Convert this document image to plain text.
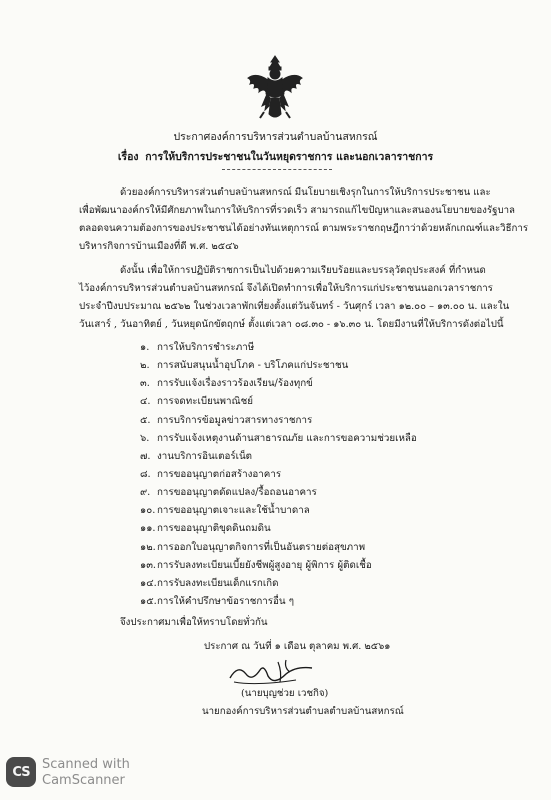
ประกาศองค์การบริหารส่วนตำบลบ้านสหกรณ์
เรื่อง การให้บริการประชาชนในวันหยุดราชการ และนอกเวลาราชการ
ด้วยองค์การบริหารส่วนตำบลบ้านสหกรณ์ มีนโยบายเชิงรุกในการให้บริการประชาชน และ
เพื่อพัฒนาองค์กรให้มีศักยภาพในการให้บริการที่รวดเร็ว สามารถแก้ไขปัญหาและสนองนโยบายของรัฐบาล
ตลอดจนความต้องการของประชาชนได้อย่างทันเหตุการณ์ ตามพระราชกฤษฎีกาว่าด้วยหลักเกณฑ์และวิธีการ
บริหารกิจการบ้านเมืองที่ดี พ.ศ. ๒๕๔๖
ดังนั้น เพื่อให้การปฏิบัติราชการเป็นไปด้วยความเรียบร้อยและบรรลุวัตถุประสงค์ ที่กำหนด
ไว้องค์การบริหารส่วนตำบลบ้านสหกรณ์ จึงได้เปิดทำการเพื่อให้บริการแก่ประชาชนนอกเวลาราชการ
ประจำปีงบประมาณ ๒๕๖๒ ในช่วงเวลาพักเที่ยงตั้งแต่วันจันทร์ - วันศุกร์ เวลา ๑๒.๐๐ – ๑๓.๐๐ น. และใน
วันเสาร์ , วันอาทิตย์ , วันหยุดนักขัตฤกษ์ ตั้งแต่เวลา ๐๘.๓๐ - ๑๖.๓๐ น. โดยมีงานที่ให้บริการดังต่อไปนี้
๑. การให้บริการชำระภาษี
๒. การสนับสนุนน้ำอุปโภค - บริโภคแก่ประชาชน
๓. การรับแจ้งเรื่องราวร้องเรียน/ร้องทุกข์
๔. การจดทะเบียนพาณิชย์
๕. การบริการข้อมูลข่าวสารทางราชการ
๖. การรับแจ้งเหตุงานด้านสาธารณภัย และการขอความช่วยเหลือ
๗. งานบริการอินเตอร์เน็ต
๘. การขออนุญาตก่อสร้างอาคาร
๙. การขออนุญาตดัดแปลง/รื้อถอนอาคาร
๑๐. การขออนุญาตเจาะและใช้น้ำบาดาล
๑๑.การขออนุญาติขุดดินถมดิน
๑๒.การออกใบอนุญาตกิจการที่เป็นอันตรายต่อสุขภาพ
๑๓.การรับลงทะเบียนเบี้ยยังชีพผู้สูงอายุ ผู้พิการ ผู้ติดเชื้อ
๑๔.การรับลงทะเบียนเด็กแรกเกิด
๑๕.การให้คำปรึกษาข้อราชการอื่น ๆ
จึงประกาศมาเพื่อให้ทราบโดยทั่วกัน
ประกาศ ณ วันที่ ๑ เดือน ตุลาคม พ.ศ. ๒๕๖๑
(นายบุญช่วย เวชกิจ)
นายกองค์การบริหารส่วนตำบลตำบลบ้านสหกรณ์
CS Scanned with
CamScanner
